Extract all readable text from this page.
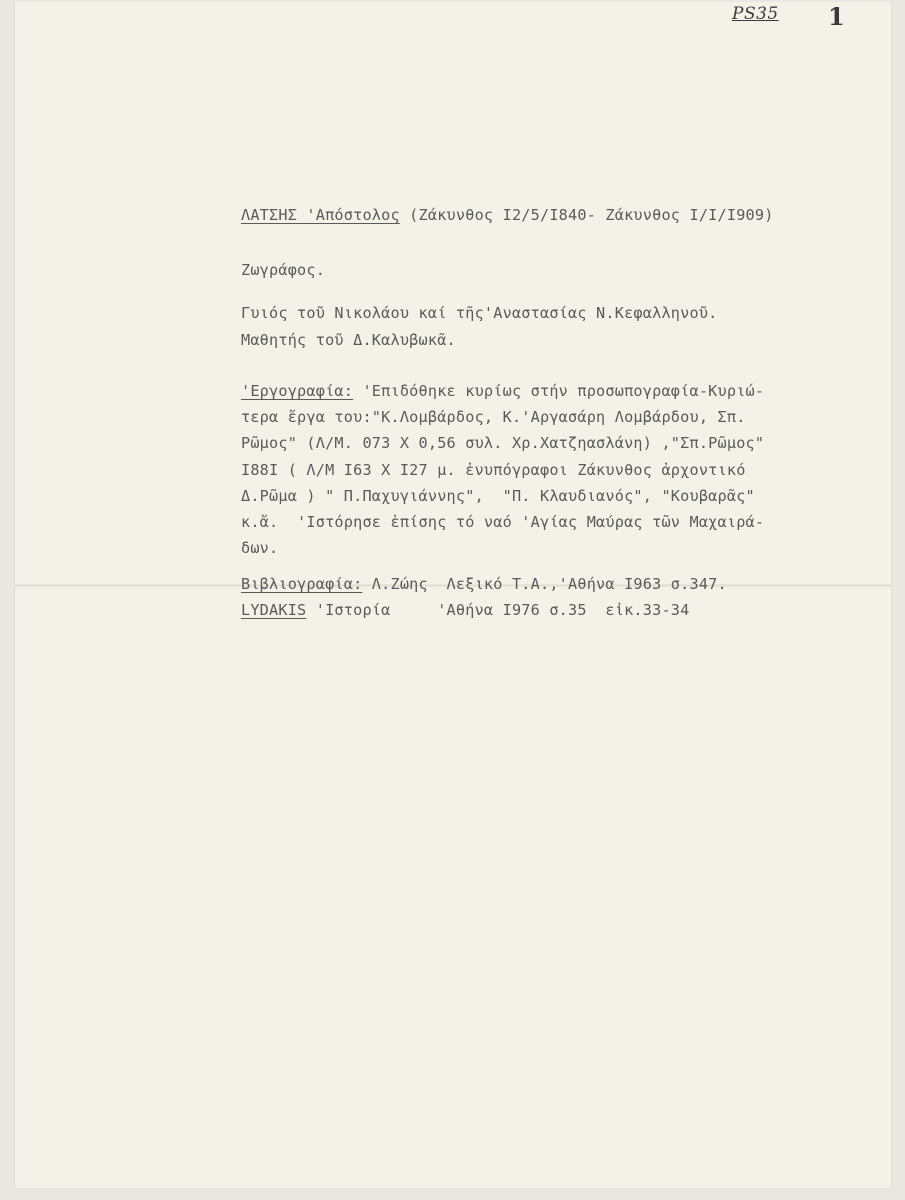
PS35 1
ΛΑΤΣΗΣ 'Απόστολος (Ζάκυνθος Ι2/5/Ι840- Ζάκυνθος Ι/Ι/Ι909)
Ζωγράφος.
Γυιός τοῦ Νικολάου καί τῆς'Αναστασίας Ν.Κεφαλληνοῦ.
Μαθητής τοῦ Δ.Καλυβωκᾶ.
'Εργογραφία: 'Επιδόθηκε κυρίως στήν προσωπογραφία-Κυριώ-
τερα ἔργα του:"Κ.Λομβάρδος, Κ.'Αργασάρη Λομβάρδου, Σπ.
Ρῶμος" (Λ/Μ. 073 Χ 0,56 συλ. Χρ.Χατζηασλάνη) ,"Σπ.Ρῶμος"
Ι88Ι ( Λ/Μ Ι63 Χ Ι27 μ. ἐνυπόγραφοι Ζάκυνθος ἀρχοντικό
Δ.Ρῶμα ) " Π.Παχυγιάννης",  "Π. Κλαυδιανός", "Κουβαρᾶς"
κ.ἄ.  'Ιστόρησε ἐπίσης τό ναό 'Αγίας Μαύρας τῶν Μαχαιρά-
δων.
Βιβλιογραφία: Λ.Ζώης  Λεξικό Τ.Α.,'Αθήνα Ι963 σ.347.
LYDAKIS 'Ιστορία     'Αθήνα Ι976 σ.35  εἰκ.33-34
